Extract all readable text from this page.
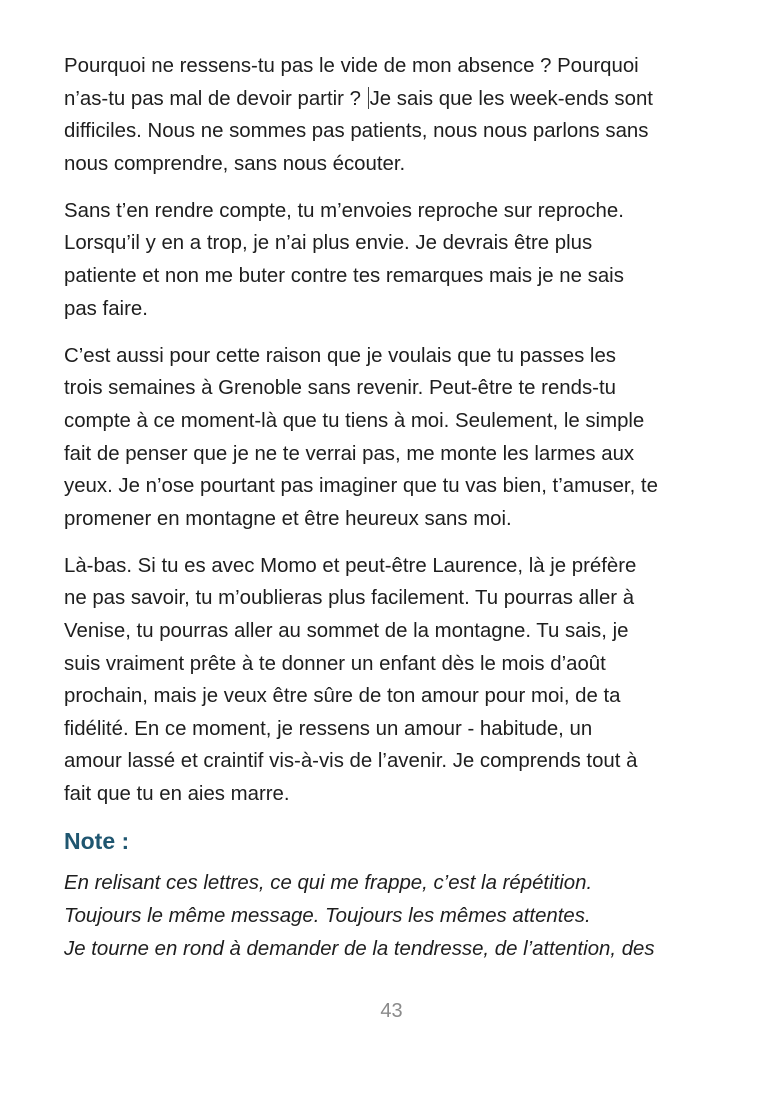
Pourquoi ne ressens-tu pas le vide de mon absence ? Pourquoi
n’as-tu pas mal de devoir partir ? Je sais que les week-ends sont
difficiles. Nous ne sommes pas patients, nous nous parlons sans
nous comprendre, sans nous écouter.

Sans t’en rendre compte, tu m’envoies reproche sur reproche.
Lorsqu’il y en a trop, je n’ai plus envie. Je devrais être plus
patiente et non me buter contre tes remarques mais je ne sais
pas faire.

C’est aussi pour cette raison que je voulais que tu passes les
trois semaines à Grenoble sans revenir. Peut-être te rends-tu
compte à ce moment-là que tu tiens à moi. Seulement, le simple
fait de penser que je ne te verrai pas, me monte les larmes aux
yeux. Je n’ose pourtant pas imaginer que tu vas bien, t’amuser, te
promener en montagne et être heureux sans moi.

Là-bas. Si tu es avec Momo et peut-être Laurence, là je préfère
ne pas savoir, tu m’oublieras plus facilement. Tu pourras aller à
Venise, tu pourras aller au sommet de la montagne. Tu sais, je
suis vraiment prête à te donner un enfant dès le mois d’août
prochain, mais je veux être sûre de ton amour pour moi, de ta
fidélité. En ce moment, je ressens un amour - habitude, un
amour lassé et craintif vis-à-vis de l’avenir. Je comprends tout à
fait que tu en aies marre.

Note :

En relisant ces lettres, ce qui me frappe, c’est la répétition.
Toujours le même message. Toujours les mêmes attentes.
Je tourne en rond à demander de la tendresse, de l’attention, des

43
